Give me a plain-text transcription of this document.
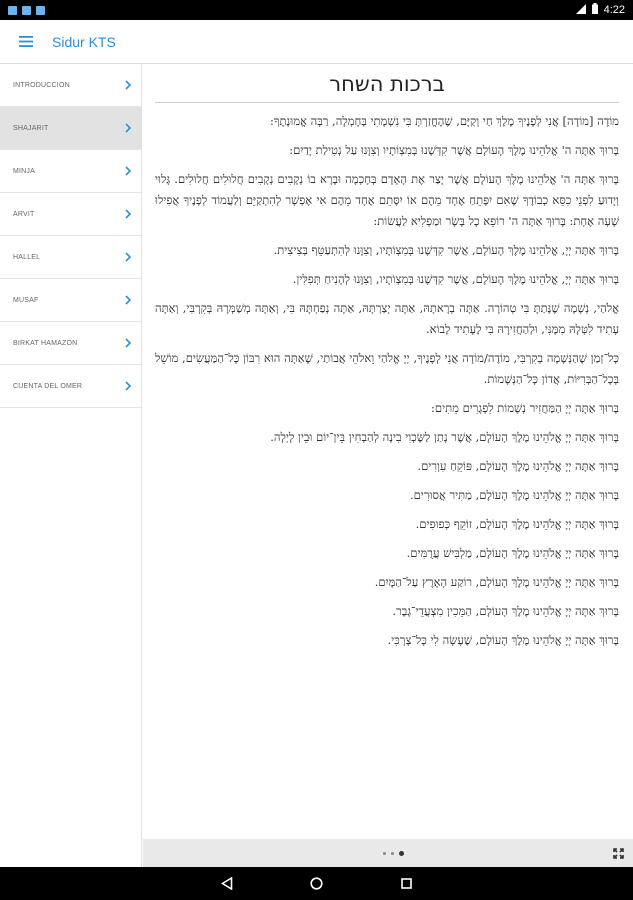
4:22
Sidur KTS
INTRODUCCIÓN
SHAJARIT
MINJÁ
ARVIT
HALLEL
MUSAF
BIRKAT HAMAZON
CUENTA DEL OMER
ברכות השחר

מוֹדֶה [מוֹדָה] אֲנִי לְפָנֶיךָ מֶלֶךְ חַי וְקַיָּם, שֶׁהֶחֱזַרְתָּ בִּי נִשְׁמָתִי בְּחֶמְלָה, רַבָּה אֱמוּנָתֶךָ:

בָּרוּךְ אַתָּה ה' אֱלֹהֵינוּ מֶלֶךְ הָעוֹלָם אֲשֶׁר קִדְּשָׁנוּ בְּמִצְוֹתָיו וְצִוָּנוּ עַל נְטִילַת יָדַיִם:

בָּרוּךְ אַתָּה ה' אֱלֹהֵינוּ מֶלֶךְ הָעוֹלָם אֲשֶׁר יָצַר אֶת הָאָדָם בְּחָכְמָה וּבָרָא בוֹ נְקָבִים נְקָבִים חֲלוּלִים חֲלוּלִים. גָּלוּי וְיָדוּעַ לִפְנֵי כִסֵּא כְבוֹדֶךָ שֶׁאִם יִפָּתֵחַ אֶחָד מֵהֶם אוֹ יִסָּתֵם אֶחָד מֵהֶם אִי אֶפְשָׁר לְהִתְקַיֵּם וְלַעֲמוֹד לְפָנֶיךָ אֲפִילוּ שָׁעָה אֶחָת: בָּרוּךְ אַתָּה ה' רוֹפֵא כָל בָּשָׂר וּמַפְלִיא לַעֲשׂוֹת:

בָּרוּךְ אַתָּה יְיָ, אֱלֹהֵינוּ מֶלֶךְ הָעוֹלָם, אֲשֶׁר קִדְּשָׁנוּ בְּמִצְוֹתָיו, וְצִוָּנוּ לְהִתְעַטֵּף בְּצִיצִית.

בָּרוּךְ אַתָּה יְיָ, אֱלֹהֵינוּ מֶלֶךְ הָעוֹלָם, אֲשֶׁר קִדְּשָׁנוּ בְּמִצְוֹתָיו, וְצִוָּנוּ לְהָנִיחַ תְּפִלִּין.

אֱלֹהַי, נְשָׁמָה שֶׁנָּתַתָּ בִּי טְהוֹרָה. אַתָּה בְרָאתָהּ, אַתָּה יְצַרְתָּהּ, אַתָּה נְפַחְתָּהּ בִּי, וְאַתָּה מְשַׁמְּרָהּ בְּקִרְבִּי, וְאַתָּה עָתִיד לִטְּלָהּ מִמֶּנִּי, וּלְהַחֲזִירָהּ בִּי לֶעָתִיד לָבוֹא.

כָּל־זְמַן שֶׁהַנְּשָׁמָה בְקִרְבִּי, מוֹדֶה/מוֹדָה אֲנִי לְפָנֶיךָ, יְיָ אֱלֹהַי וֵאלֹהֵי אֲבוֹתַי, שֶׁאַתָּה הוּא רִבּוֹן כָּל־הַמַּעֲשִׂים, מוֹשֵׁל בְּכָל־הַבְּרִיּוֹת, אֲדוֹן כָּל־הַנְּשָׁמוֹת.

בָּרוּךְ אַתָּה יְיָ הַמַּחֲזִיר נְשָׁמוֹת לִפְגָרִים מֵתִים:

בָּרוּךְ אַתָּה יְיָ אֱלֹהֵינוּ מֶלֶךְ הָעוֹלָם, אֲשֶׁר נָתַן לַשֶּׂכְוִי בִינָה לְהַבְחִין בֵּין־יוֹם וּבֵין לָיְלָה.

בָּרוּךְ אַתָּה יְיָ אֱלֹהֵינוּ מֶלֶךְ הָעוֹלָם, פּוֹקֵחַ עִוְרִים.

בָּרוּךְ אַתָּה יְיָ אֱלֹהֵינוּ מֶלֶךְ הָעוֹלָם, מַתִּיר אֲסוּרִים.

בָּרוּךְ אַתָּה יְיָ אֱלֹהֵינוּ מֶלֶךְ הָעוֹלָם, זוֹקֵף כְּפוּפִים.

בָּרוּךְ אַתָּה יְיָ אֱלֹהֵינוּ מֶלֶךְ הָעוֹלָם, מַלְבִּישׁ עֲרֻמִּים.

בָּרוּךְ אַתָּה יְיָ אֱלֹהֵינוּ מֶלֶךְ הָעוֹלָם, רוֹקַע הָאָרֶץ עַל־הַמָּיִם.

בָּרוּךְ אַתָּה יְיָ אֱלֹהֵינוּ מֶלֶךְ הָעוֹלָם, הַמֵּכִין מִצְעֲדֵי־גָבֶר.

בָּרוּךְ אַתָּה יְיָ אֱלֹהֵינוּ מֶלֶךְ הָעוֹלָם, שֶׁעָשָׂה לִי כָּל־צָרְכִּי.
